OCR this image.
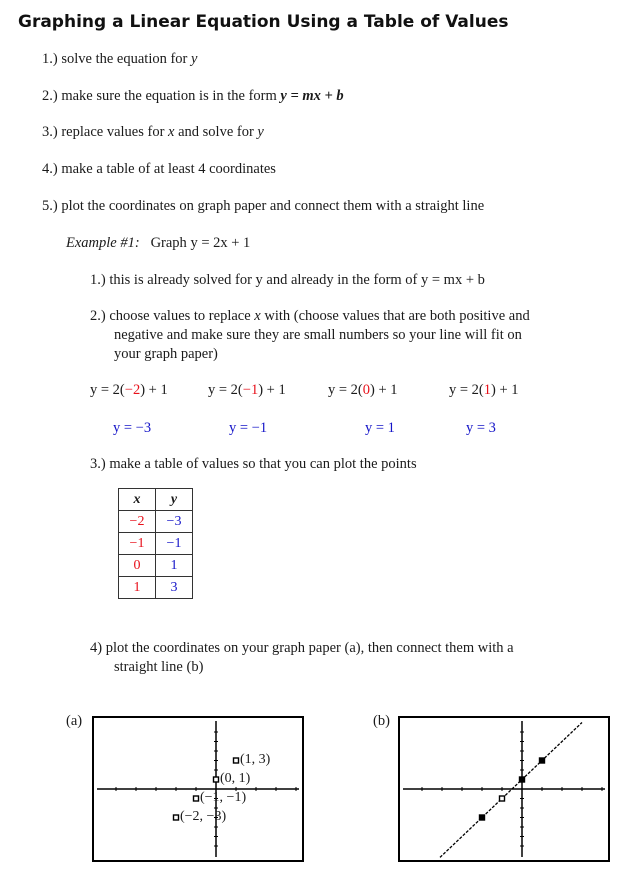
Graphing a Linear Equation Using a Table of Values
1.) solve the equation for y
2.) make sure the equation is in the form y = mx + b
3.) replace values for x and solve for y
4.) make a table of at least 4 coordinates
5.) plot the coordinates on graph paper and connect them with a straight line
Example #1: Graph y = 2x + 1
1.) this is already solved for y and already in the form of y = mx + b
2.) choose values to replace x with (choose values that are both positive and
negative and make sure they are small numbers so your line will fit on
your graph paper)
y = 2(−2) + 1	y = 2(−1) + 1	y = 2(0) + 1	y = 2(1) + 1
y = −3	y = −1	y = 1	y = 3
3.) make a table of values so that you can plot the points
x	y
−2	−3
−1	−1
0	1
1	3
4) plot the coordinates on your graph paper (a), then connect them with a
straight line (b)
(a)	(b)
(−2, −3)
(−1, −1)
(0, 1)
(1, 3)
